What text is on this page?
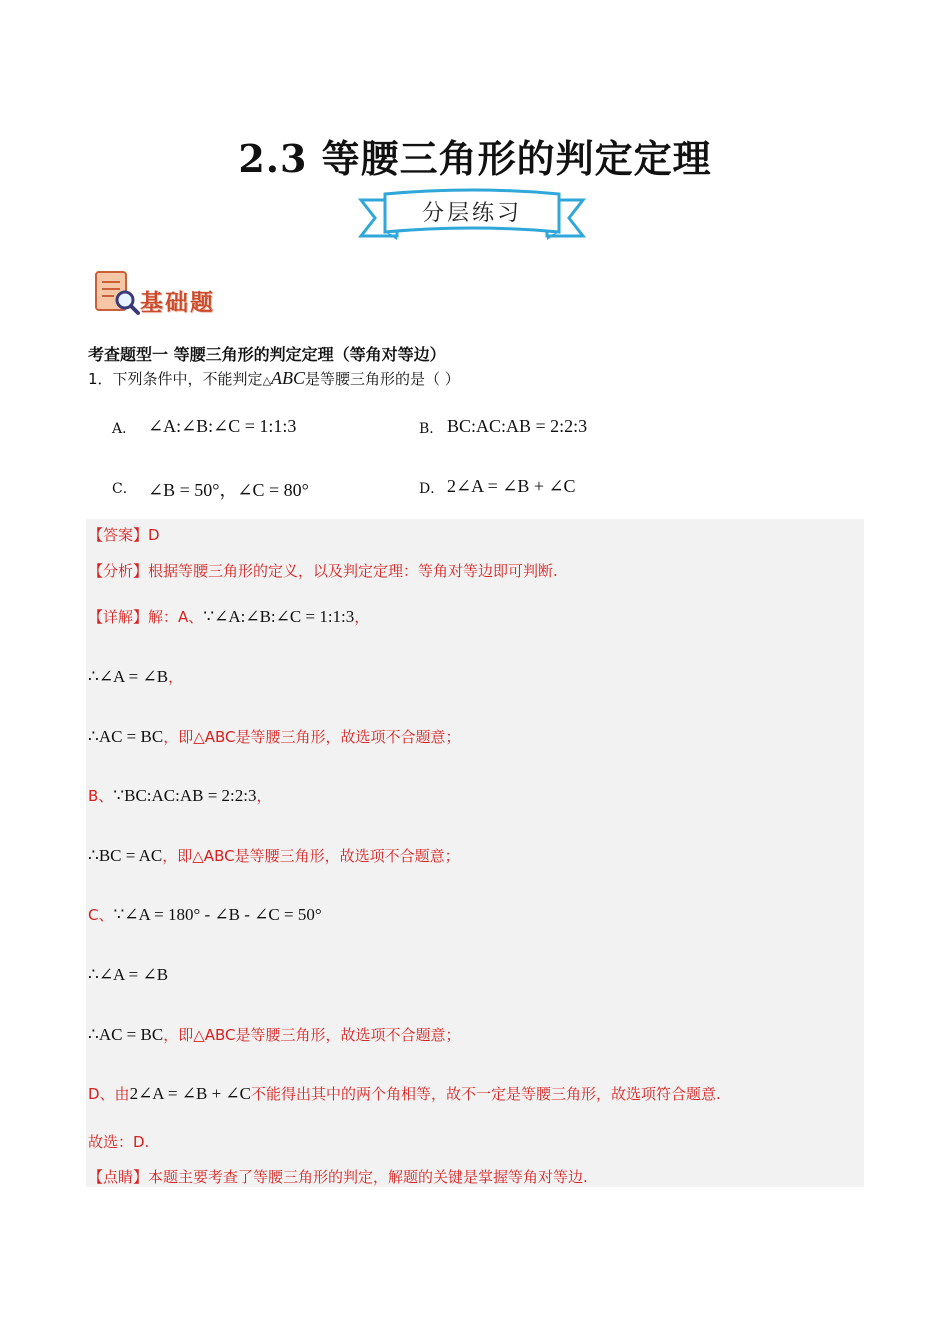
2.3 等腰三角形的判定定理
分层练习
基础题
考查题型一 等腰三角形的判定定理（等角对等边）
1．下列条件中，不能判定△ABC是等腰三角形的是（ ）
A． ∠A:∠B:∠C = 1:1:3	B． BC:AC:AB = 2:2:3
C． ∠B = 50°，∠C = 80°	D． 2∠A = ∠B + ∠C
【答案】D
【分析】根据等腰三角形的定义，以及判定定理：等角对等边即可判断.
【详解】解：A、∵∠A:∠B:∠C = 1:1:3，
∴∠A = ∠B，
∴AC = BC，即△ABC是等腰三角形，故选项不合题意；
B、∵BC:AC:AB = 2:2:3，
∴BC = AC，即△ABC是等腰三角形，故选项不合题意；
C、∵∠A = 180° - ∠B - ∠C = 50°
∴∠A = ∠B
∴AC = BC，即△ABC是等腰三角形，故选项不合题意；
D、由2∠A = ∠B + ∠C不能得出其中的两个角相等，故不一定是等腰三角形，故选项符合题意.
故选：D.
【点睛】本题主要考查了等腰三角形的判定，解题的关键是掌握等角对等边.
